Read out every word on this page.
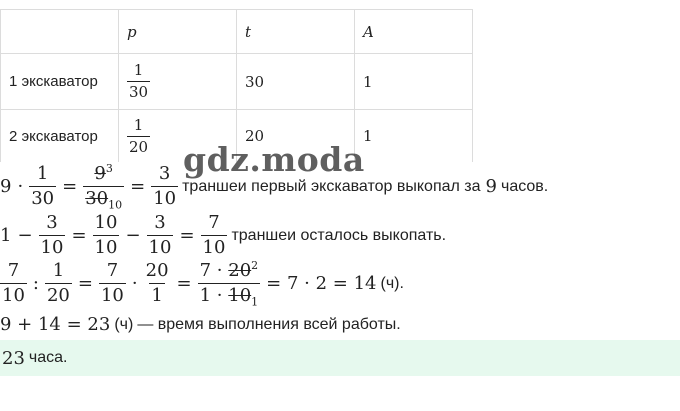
	p	t	A
1 экскаватор	$\frac{1}{30}$	30	1
2 экскаватор	$\frac{1}{20}$	20	1
gdz.moda
$9 \cdot \frac{1}{30} = \frac{9^3}{30_{10}} = \frac{3}{10}$ траншеи первый экскаватор выкопал за 9 часов.
$1 - \frac{3}{10} = \frac{10}{10} - \frac{3}{10} = \frac{7}{10}$ траншеи осталось выкопать.
$\frac{7}{10}$ : $\frac{1}{20} = \frac{7}{10} \cdot \frac{20}{1} = \frac{7 \cdot 20^2}{1 \cdot 10_1} = 7 \cdot 2 = 14$ (ч).
9 + 14 = 23 (ч) — время выполнения всей работы.
23 часа.
